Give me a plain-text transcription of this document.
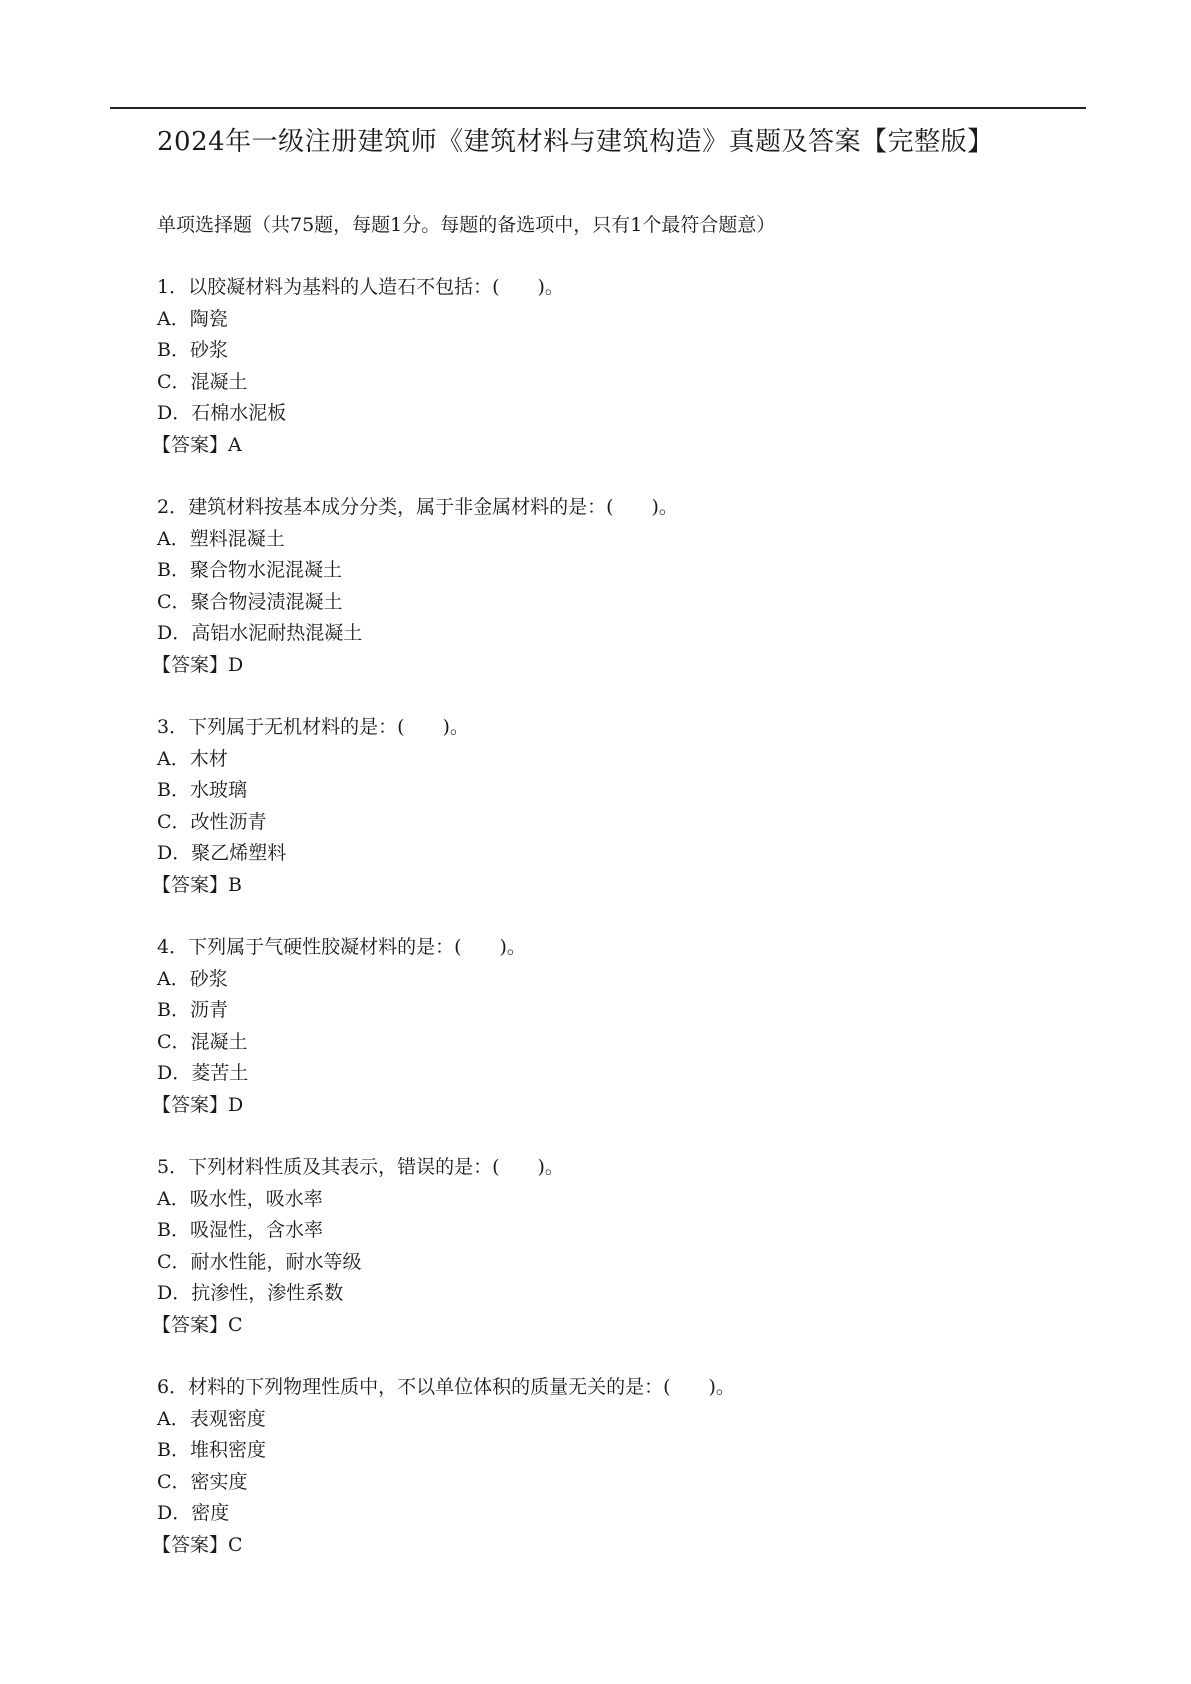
2024年一级注册建筑师《建筑材料与建筑构造》真题及答案【完整版】
单项选择题（共75题，每题1分。每题的备选项中，只有1个最符合题意）
1．以胶凝材料为基料的人造石不包括：(　　)。
A．陶瓷
B．砂浆
C．混凝土
D．石棉水泥板
【答案】A
2．建筑材料按基本成分分类，属于非金属材料的是：(　　)。
A．塑料混凝土
B．聚合物水泥混凝土
C．聚合物浸渍混凝土
D．高铝水泥耐热混凝土
【答案】D
3．下列属于无机材料的是：(　　)。
A．木材
B．水玻璃
C．改性沥青
D．聚乙烯塑料
【答案】B
4．下列属于气硬性胶凝材料的是：(　　)。
A．砂浆
B．沥青
C．混凝土
D．菱苦土
【答案】D
5．下列材料性质及其表示，错误的是：(　　)。
A．吸水性，吸水率
B．吸湿性，含水率
C．耐水性能，耐水等级
D．抗渗性，渗性系数
【答案】C
6．材料的下列物理性质中，不以单位体积的质量无关的是：(　　)。
A．表观密度
B．堆积密度
C．密实度
D．密度
【答案】C
